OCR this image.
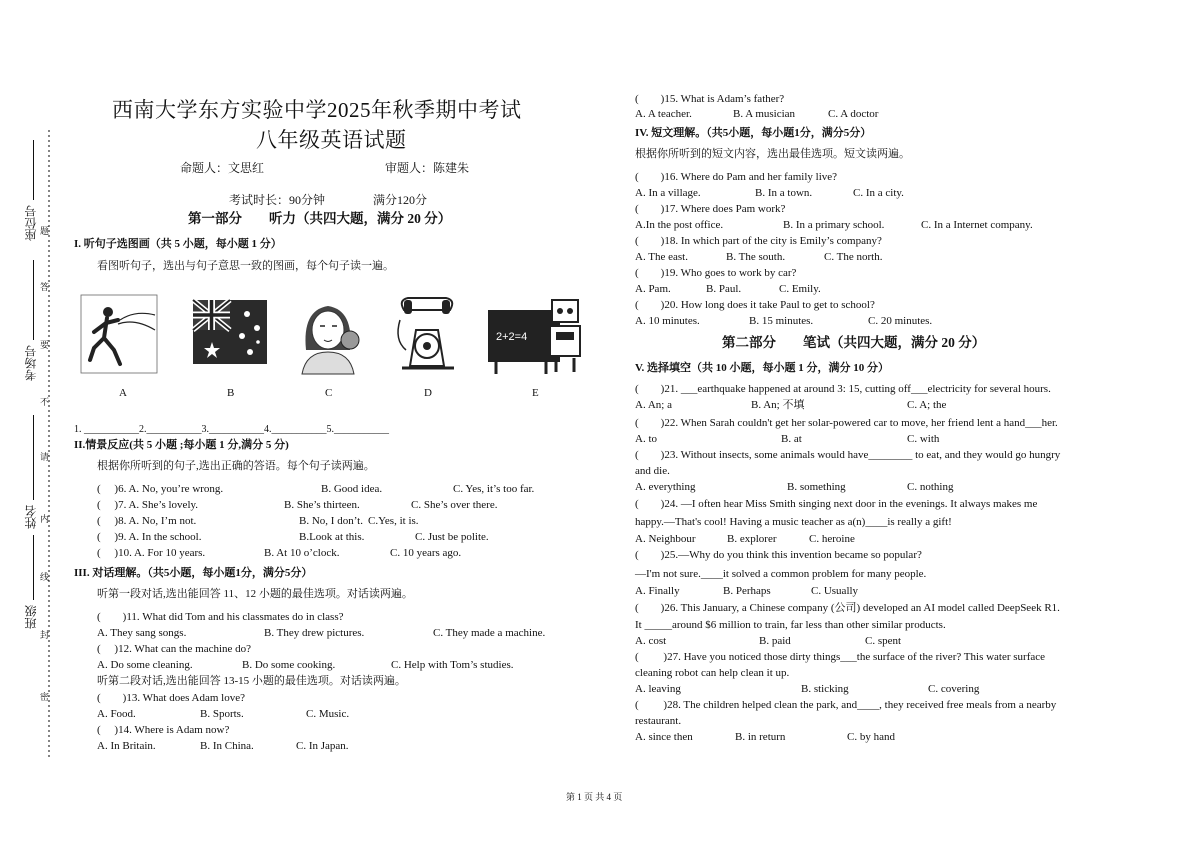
座位号
考场号
姓名
班级
题
答
要
不
请
内
线
封
密
西南大学东方实验中学2025年秋季期中考试
八年级英语试题
命题人：文思红	审题人：陈建朱
考试时长：90分钟	满分120分
第一部分　　听力（共四大题，满分 20 分）
I. 听句子选图画（共 5 小题，每小题 1 分）
看图听句子，选出与句子意思一致的图画，每个句子读一遍。
2+2=4
A	B	C	D	E
1. ___________2.___________3.___________4.___________5.___________
II.情景反应(共 5 小题 ;每小题 1 分,满分 5 分)
根据你所听到的句子,选出正确的答语。每个句子读两遍。
(　 )6. A. No, you’re wrong.	B. Good idea.	C. Yes, it’s too far.
(　 )7. A. She’s lovely.	B. She’s thirteen.	C. She’s over there.
(　 )8. A. No, I’m not.	B. No, I don’t. C.Yes, it is.
(　 )9. A. In the school.	B.Look at this.	C. Just be polite.
(　 )10. A. For 10 years.	B. At 10 o’clock.	C. 10 years ago.
III. 对话理解。（共5小题，每小题1分，满分5分）
听第一段对话,选出能回答 11、12 小题的最佳选项。对话读两遍。
(　　)11. What did Tom and his classmates do in class?
A. They sang songs.	B. They drew pictures.	C. They made a machine.
(　 )12. What can the machine do?
A. Do some cleaning.	B. Do some cooking.	C. Help with Tom’s studies.
听第二段对话,选出能回答 13-15 小题的最佳选项。对话读两遍。
(　　)13. What does Adam love?
A. Food.	B. Sports.	C. Music.
(　 )14. Where is Adam now?
A. In Britain.	B. In China.	C. In Japan.
(　　)15. What is Adam’s father?
A. A teacher.	B. A musician	C. A doctor
IV. 短文理解。（共5小题，每小题1分，满分5分）
根据你所听到的短文内容，选出最佳选项。短文读两遍。
(　　)16. Where do Pam and her family live?
A. In a village.	B. In a town.	C. In a city.
(　　)17. Where does Pam work?
A.In the post office.	B. In a primary school.	C. In a Internet company.
(　　)18. In which part of the city is Emily’s company?
A. The east.	B. The south.	C. The north.
(　　)19. Who goes to work by car?
A. Pam.	B. Paul.	C. Emily.
(　　)20. How long does it take Paul to get to school?
A. 10 minutes.	B. 15 minutes.	C. 20 minutes.
第二部分　　笔试（共四大题，满分 20 分）
V. 选择填空（共 10 小题，每小题 1 分，满分 10 分）
(　　)21. ___earthquake happened at around 3: 15, cutting off___electricity for several hours.
A. An; a	B. An; 不填	C. A; the
(　　)22. When Sarah couldn't get her solar-powered car to move, her friend lent a hand___her.
A. to	B. at	C. with
(　　)23. Without insects, some animals would have________ to eat, and they would go hungry
and die.
A. everything	B. something	C. nothing
(　　)24. —I often hear Miss Smith singing next door in the evenings. It always makes me
happy.—That's cool! Having a music teacher as a(n)____is really a gift!
A. Neighbour	B. explorer	C. heroine
(　　)25.—Why do you think this invention became so popular?
—I'm not sure.____it solved a common problem for many people.
A. Finally	B. Perhaps	C. Usually
(　　)26. This January, a Chinese company (公司) developed an AI model called DeepSeek R1.
It _____around $6 million to train, far less than other similar products.
A. cost	B. paid	C. spent
(　　 )27. Have you noticed those dirty things___the surface of the river? This water surface
cleaning robot can help clean it up.
A. leaving	B. sticking	C. covering
(　　 )28. The children helped clean the park, and____, they received free meals from a nearby
restaurant.
A. since then	B. in return	C. by hand
第 1 页 共 4 页
